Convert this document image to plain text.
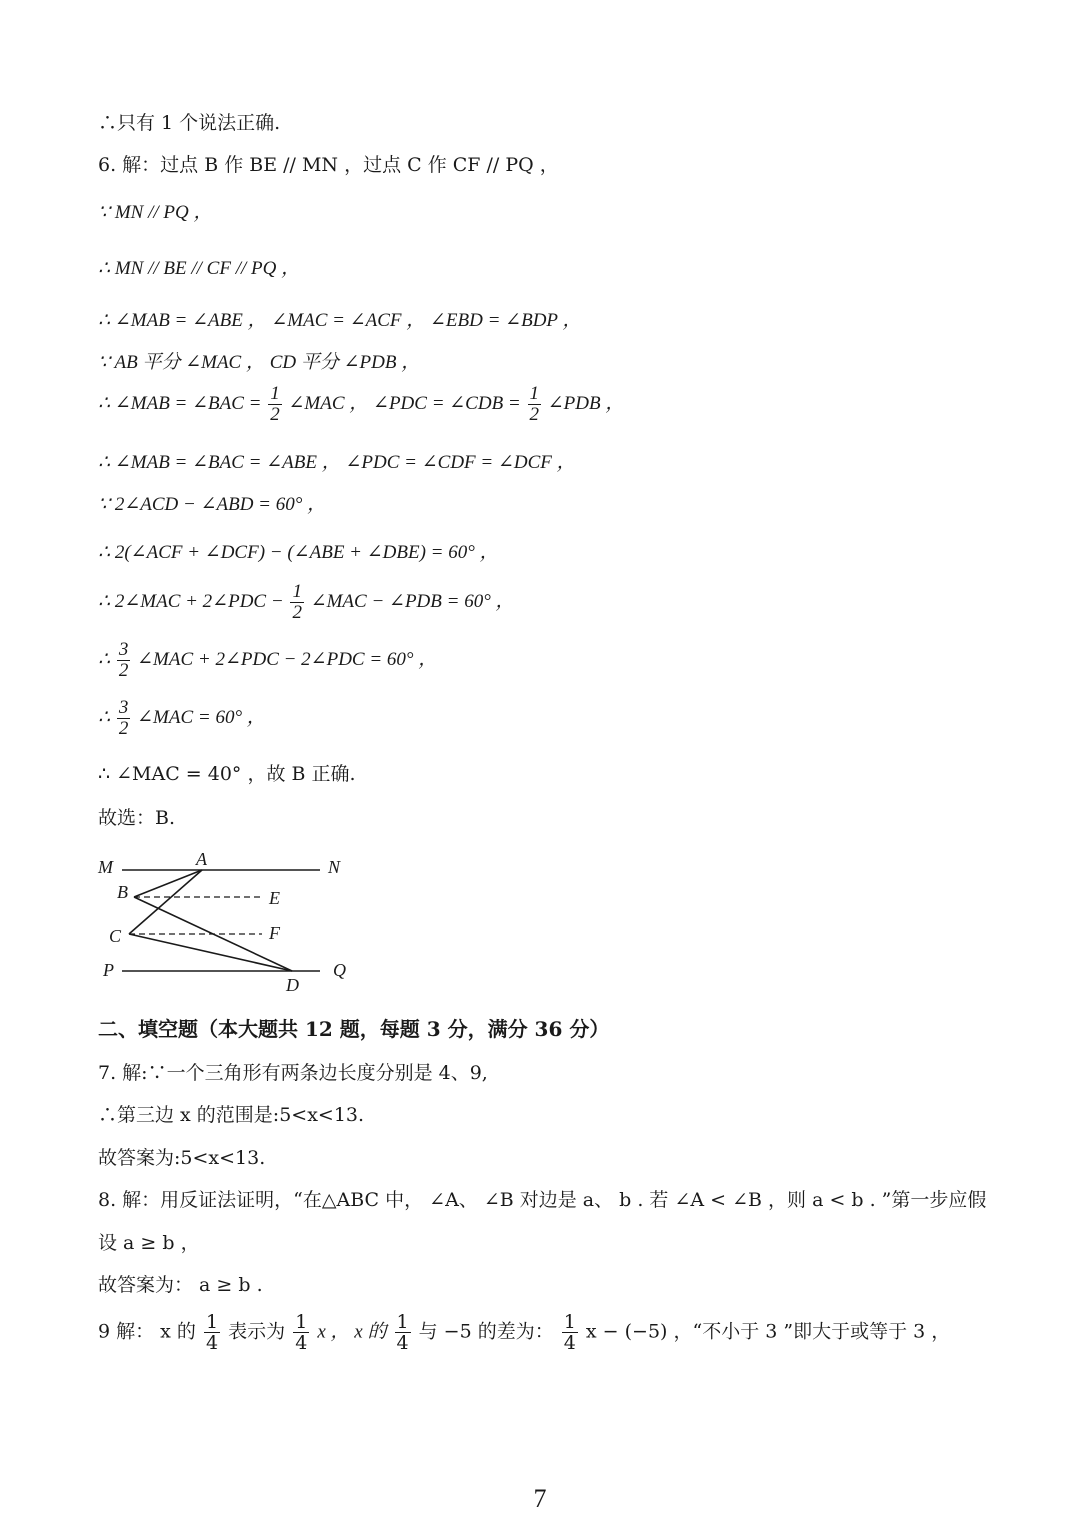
∴只有 1 个说法正确.
6. 解：过点 B 作 BE // MN ，过点 C 作 CF // PQ ，
∵ MN // PQ ，
∴ MN // BE // CF // PQ ，
∴ ∠MAB = ∠ABE ， ∠MAC = ∠ACF ， ∠EBD = ∠BDP ，
∵ AB 平分 ∠MAC ， CD 平分 ∠PDB ，
∴ ∠MAB = ∠BAC = $\frac{1}{2}$ ∠MAC ， ∠PDC = ∠CDB = $\frac{1}{2}$ ∠PDB ，
∴ ∠MAB = ∠BAC = ∠ABE ， ∠PDC = ∠CDF = ∠DCF ，
∵ 2∠ACD − ∠ABD = 60° ，
∴ 2(∠ACF + ∠DCF) − (∠ABE + ∠DBE) = 60° ，
∴ 2∠MAC + 2∠PDC − $\frac{1}{2}$ ∠MAC − ∠PDB = 60° ，
∴ $\frac{3}{2}$ ∠MAC + 2∠PDC − 2∠PDC = 60° ，
∴ $\frac{3}{2}$ ∠MAC = 60° ，
∴ ∠MAC = 40° ，故 B 正确.
故选：B.
M	A	N
B	E
C	F
P
D
Q
二、填空题（本大题共 12 题，每题 3 分，满分 36 分）
7. 解:∵一个三角形有两条边长度分别是 4、9,
∴第三边 x 的范围是:5<x<13.
故答案为:5<x<13.
8. 解：用反证法证明，“在△ABC 中， ∠A、 ∠B 对边是 a、 b . 若 ∠A < ∠B ，则 a < b . ”第一步应假
设 a ≥ b ，
故答案为： a ≥ b .
9 解： x 的 $\frac{1}{4}$ 表示为 $\frac{1}{4}$ x ， x 的 $\frac{1}{4}$ 与 −5 的差为： $\frac{1}{4}$ x − (−5) ，“不小于 3 ”即大于或等于 3 ，
7
